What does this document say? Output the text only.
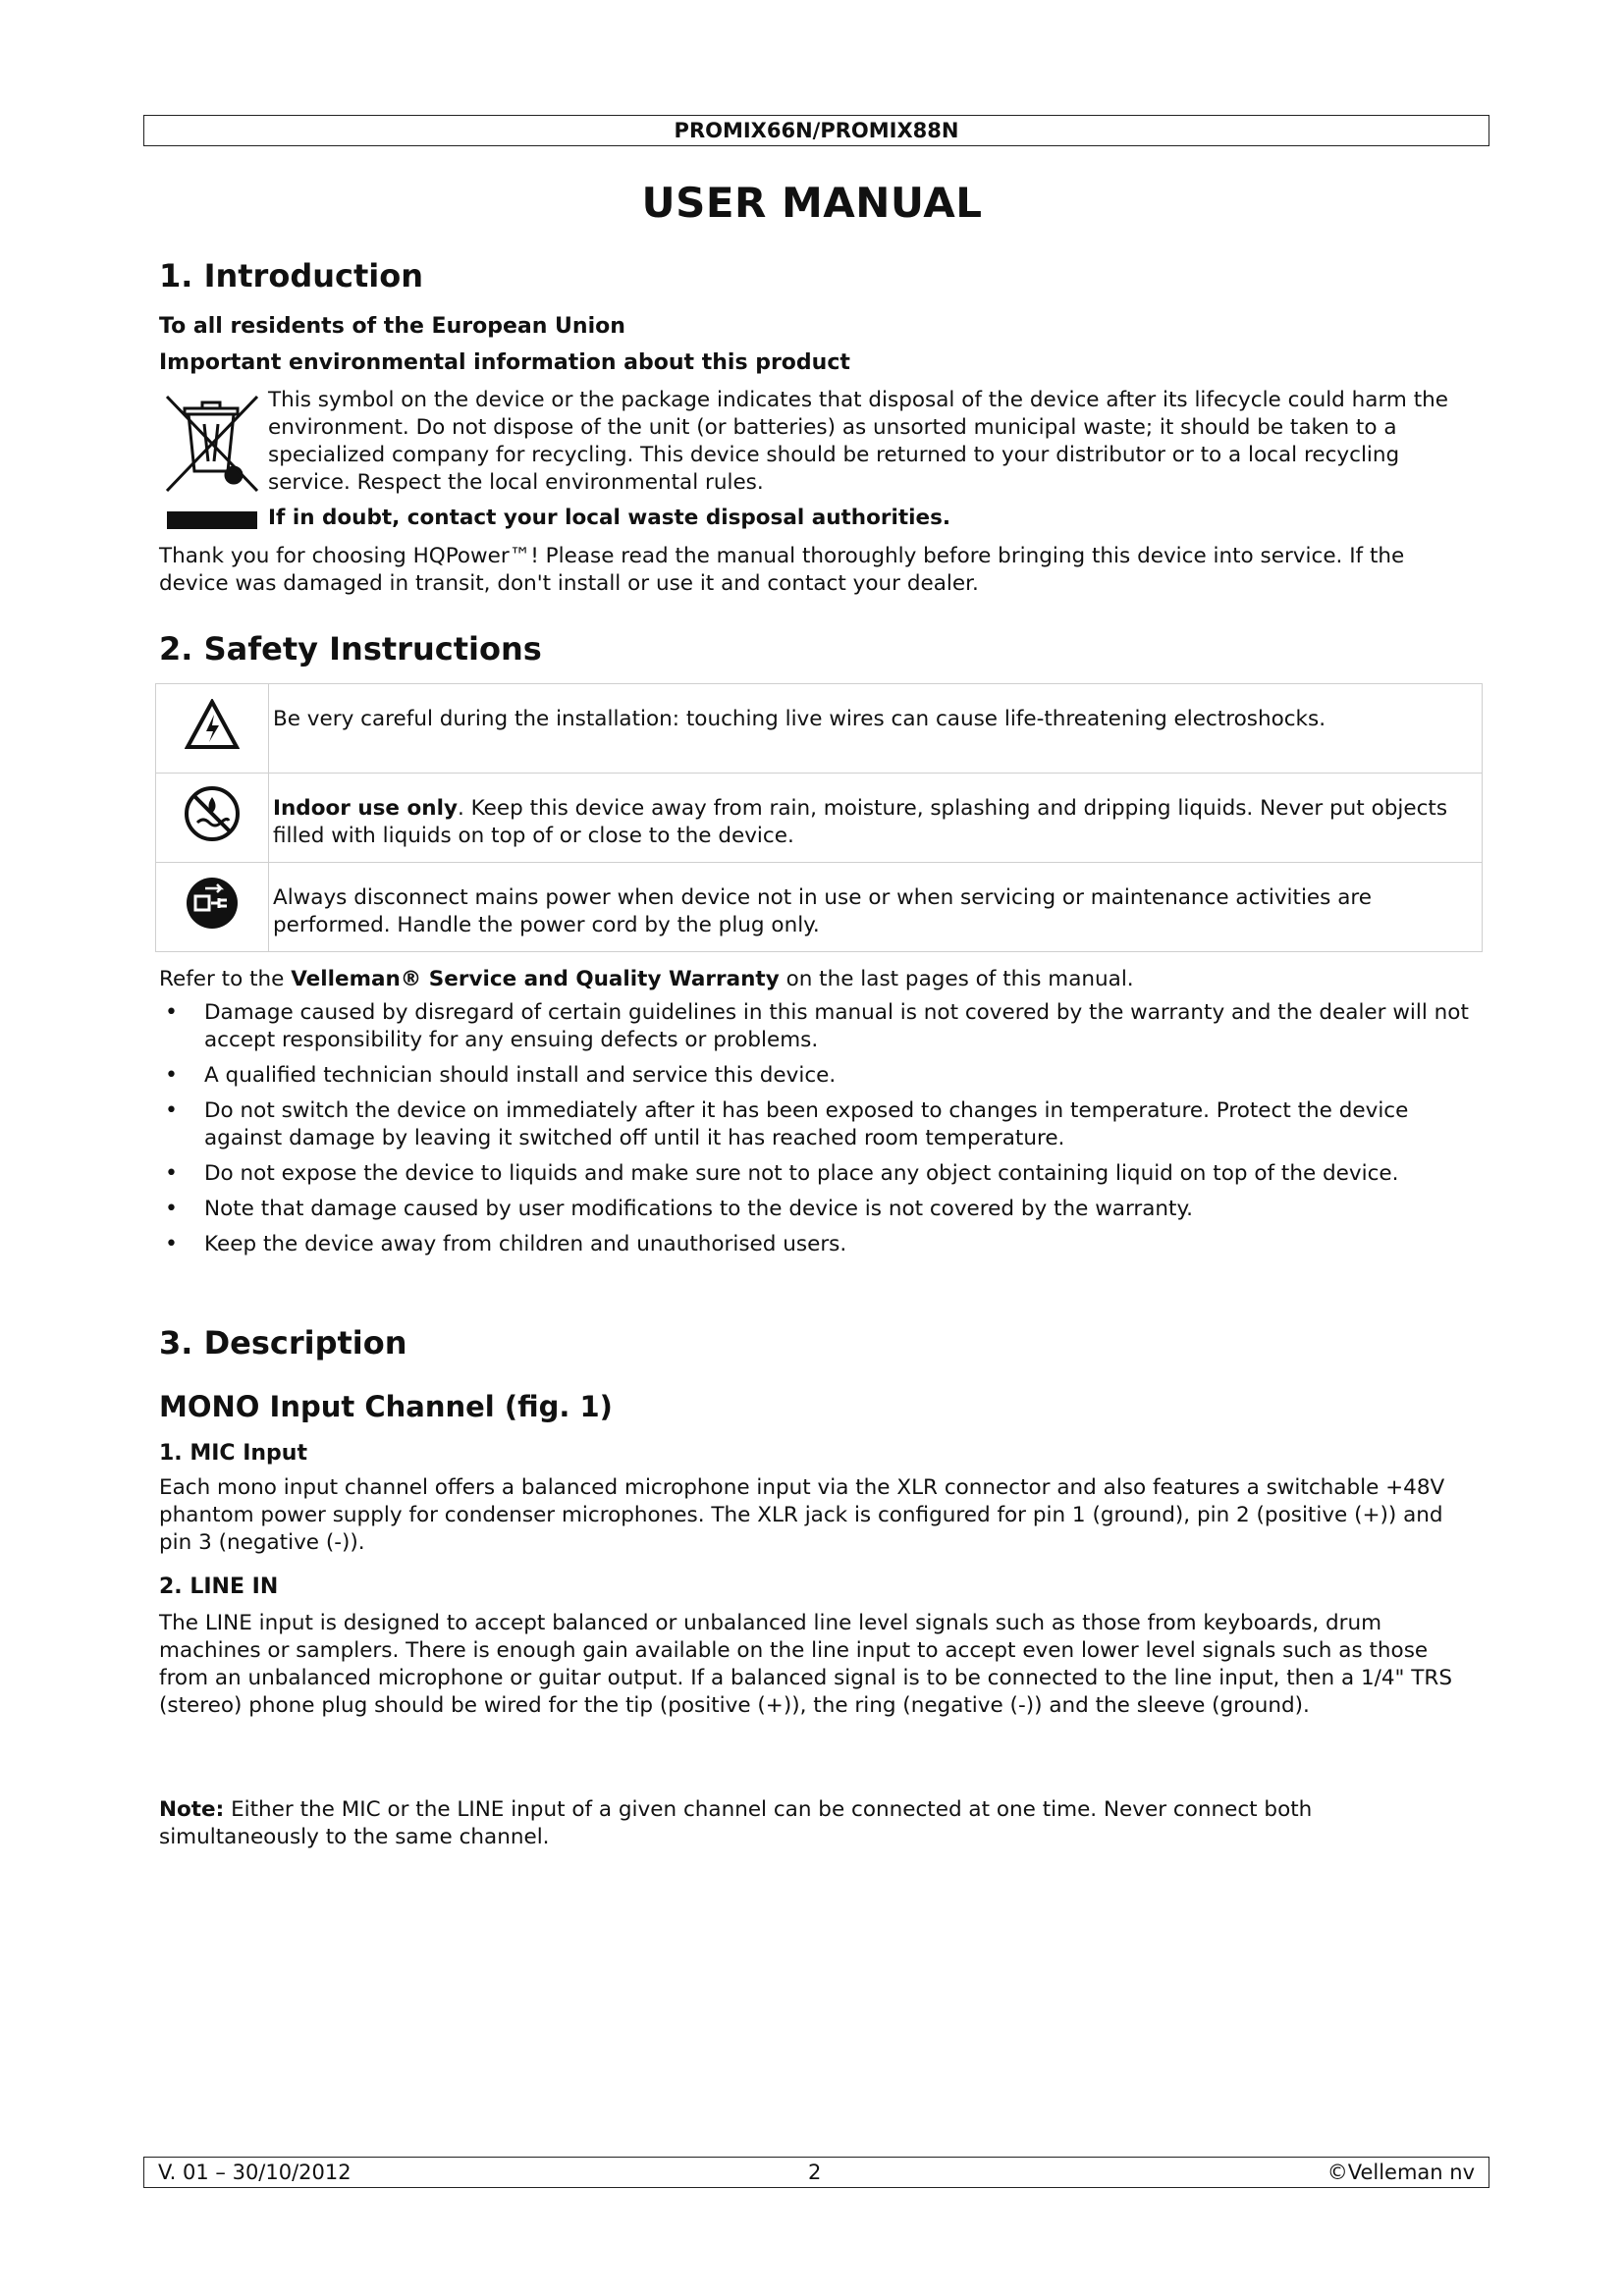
PROMIX66N/PROMIX88N
USER MANUAL
1. Introduction
To all residents of the European Union
Important environmental information about this product
This symbol on the device or the package indicates that disposal of the device after its lifecycle could harm the environment. Do not dispose of the unit (or batteries) as unsorted municipal waste; it should be taken to a specialized company for recycling. This device should be returned to your distributor or to a local recycling service. Respect the local environmental rules.
If in doubt, contact your local waste disposal authorities.
Thank you for choosing HQPower™! Please read the manual thoroughly before bringing this device into service. If the device was damaged in transit, don't install or use it and contact your dealer.
2. Safety Instructions
	Be very careful during the installation: touching live wires can cause life-threatening electroshocks.
	Indoor use only. Keep this device away from rain, moisture, splashing and dripping liquids. Never put objects filled with liquids on top of or close to the device.
	Always disconnect mains power when device not in use or when servicing or maintenance activities are performed. Handle the power cord by the plug only.
Refer to the Velleman® Service and Quality Warranty on the last pages of this manual.
• Damage caused by disregard of certain guidelines in this manual is not covered by the warranty and the dealer will not accept responsibility for any ensuing defects or problems.
• A qualified technician should install and service this device.
• Do not switch the device on immediately after it has been exposed to changes in temperature. Protect the device against damage by leaving it switched off until it has reached room temperature.
• Do not expose the device to liquids and make sure not to place any object containing liquid on top of the device.
• Note that damage caused by user modifications to the device is not covered by the warranty.
• Keep the device away from children and unauthorised users.
3. Description
MONO Input Channel (fig. 1)
1. MIC Input
Each mono input channel offers a balanced microphone input via the XLR connector and also features a switchable +48V phantom power supply for condenser microphones. The XLR jack is configured for pin 1 (ground), pin 2 (positive (+)) and pin 3 (negative (-)).
2. LINE IN
The LINE input is designed to accept balanced or unbalanced line level signals such as those from keyboards, drum machines or samplers. There is enough gain available on the line input to accept even lower level signals such as those from an unbalanced microphone or guitar output. If a balanced signal is to be connected to the line input, then a 1/4" TRS (stereo) phone plug should be wired for the tip (positive (+)), the ring (negative (-)) and the sleeve (ground).
Note: Either the MIC or the LINE input of a given channel can be connected at one time. Never connect both simultaneously to the same channel.
V. 01 – 30/10/2012	2	©Velleman nv
